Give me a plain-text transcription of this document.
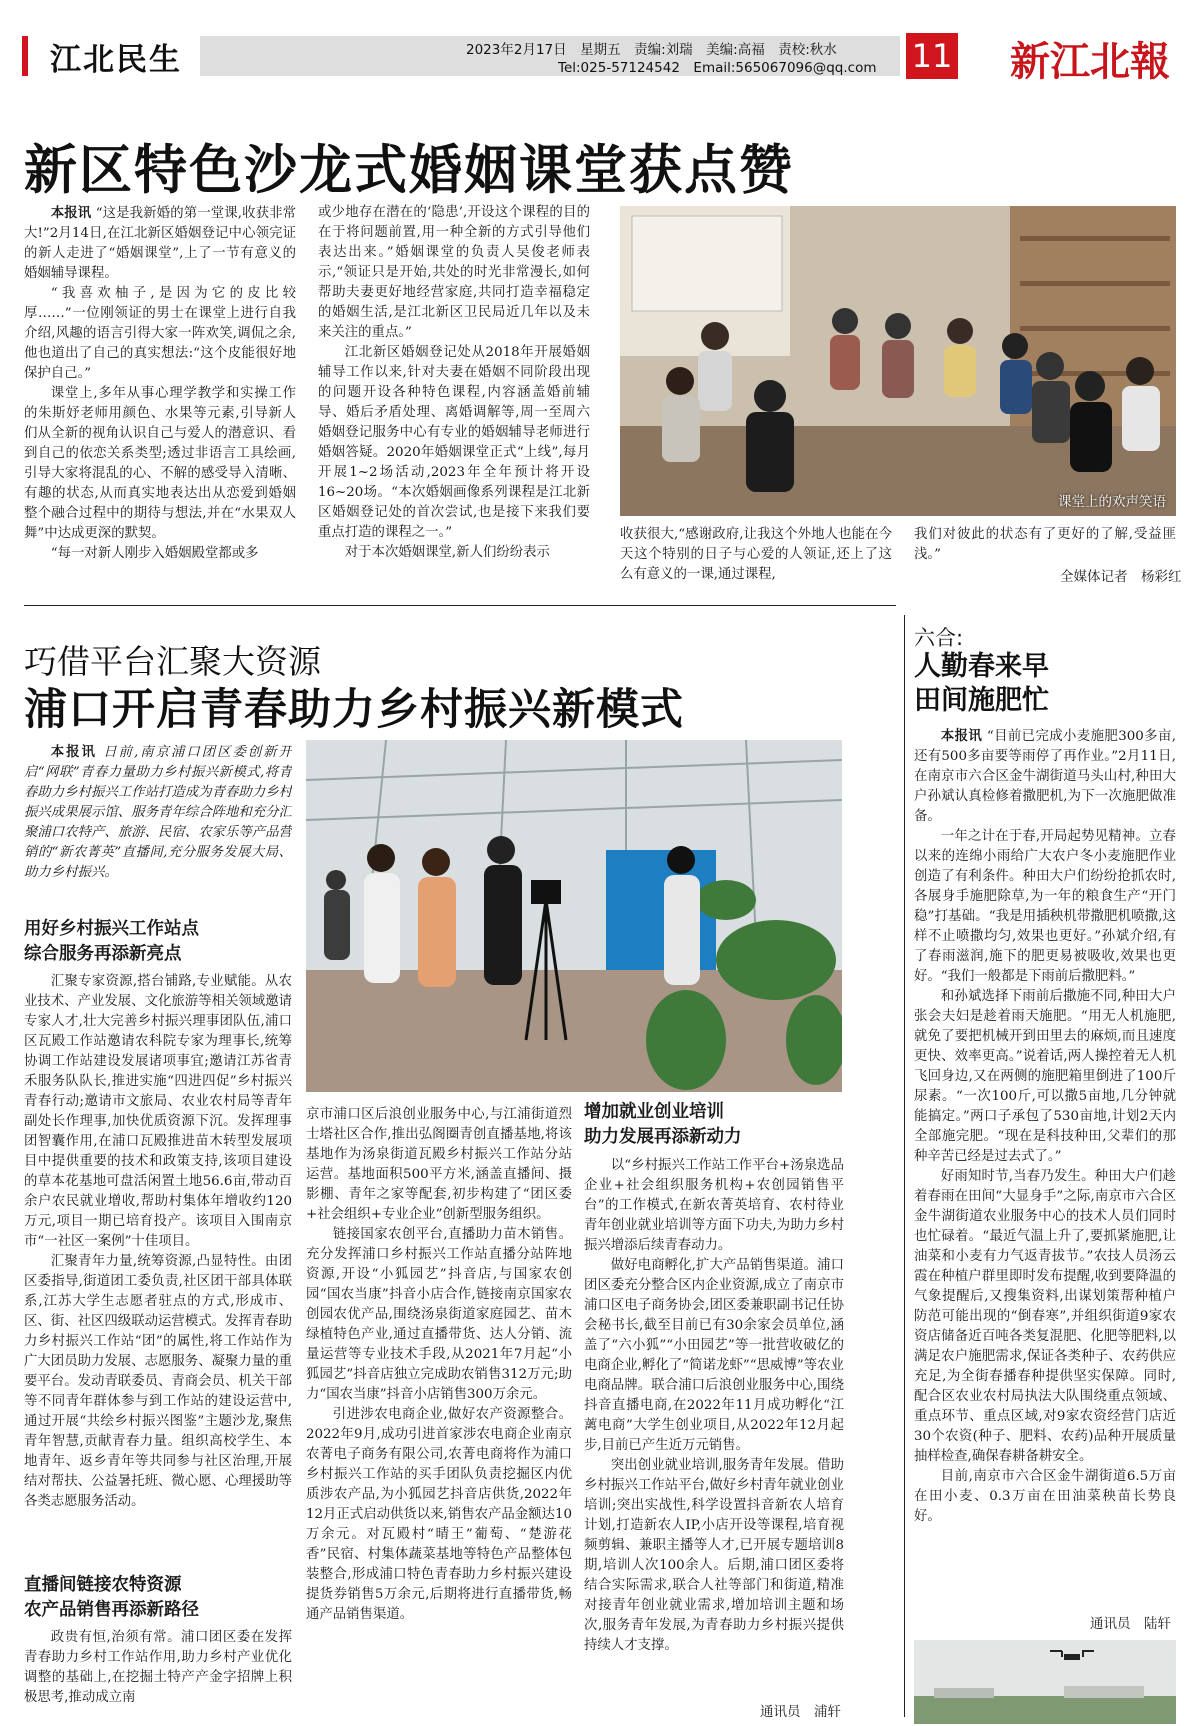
江北民生	2023年2月17日　星期五　责编:刘瑞　美编:高福　责校:秋水
Tel:025-57124542　Email:565067096@qq.com 11 新江北報
新区特色沙龙式婚姻课堂获点赞

本报讯 “这是我新婚的第一堂课,收获非常大!”2月14日,在江北新区婚姻登记中心领完证的新人走进了“婚姻课堂”,上了一节有意义的婚姻辅导课程。

“我喜欢柚子,是因为它的皮比较厚……”一位刚领证的男士在课堂上进行自我介绍,风趣的语言引得大家一阵欢笑,调侃之余,他也道出了自己的真实想法:“这个皮能很好地保护自己。”

课堂上,多年从事心理学教学和实操工作的朱斯妤老师用颜色、水果等元素,引导新人们从全新的视角认识自己与爱人的潜意识、看到自己的依恋关系类型;透过非语言工具绘画,引导大家将混乱的心、不解的感受导入清晰、有趣的状态,从而真实地表达出从恋爱到婚姻整个融合过程中的期待与想法,并在“水果双人舞”中达成更深的默契。

“每一对新人刚步入婚姻殿堂都或多

或少地存在潜在的‘隐患’,开设这个课程的目的在于将问题前置,用一种全新的方式引导他们表达出来。”婚姻课堂的负责人吴俊老师表示,“领证只是开始,共处的时光非常漫长,如何帮助夫妻更好地经营家庭,共同打造幸福稳定的婚姻生活,是江北新区卫民局近几年以及未来关注的重点。”

江北新区婚姻登记处从2018年开展婚姻辅导工作以来,针对夫妻在婚姻不同阶段出现的问题开设各种特色课程,内容涵盖婚前辅导、婚后矛盾处理、离婚调解等,周一至周六婚姻登记服务中心有专业的婚姻辅导老师进行婚姻答疑。2020年婚姻课堂正式“上线”,每月开展1~2场活动,2023年全年预计将开设16~20场。“本次婚姻画像系列课程是江北新区婚姻登记处的首次尝试,也是接下来我们要重点打造的课程之一。”

对于本次婚姻课堂,新人们纷纷表示

课堂上的欢声笑语

收获很大,“感谢政府,让我这个外地人也能在今天这个特别的日子与心爱的人领证,还上了这么有意义的一课,通过课程,

我们对彼此的状态有了更好的了解,受益匪浅。”

全媒体记者　杨彩红
巧借平台汇聚大资源
浦口开启青春助力乡村振兴新模式

本报讯 日前,南京浦口团区委创新开启“网联”青春力量助力乡村振兴新模式,将青春助力乡村振兴工作站打造成为青春助力乡村振兴成果展示馆、服务青年综合阵地和充分汇聚浦口农特产、旅游、民宿、农家乐等产品营销的“新农菁英”直播间,充分服务发展大局、助力乡村振兴。

用好乡村振兴工作站点
综合服务再添新亮点

汇聚专家资源,搭台铺路,专业赋能。从农业技术、产业发展、文化旅游等相关领域邀请专家人才,壮大完善乡村振兴理事团队伍,浦口区瓦殿工作站邀请农科院专家为理事长,统筹协调工作站建设发展诸项事宜;邀请江苏省青禾服务队队长,推进实施“四进四促”乡村振兴青春行动;邀请市文旅局、农业农村局等青年副处长作理事,加快优质资源下沉。发挥理事团智囊作用,在浦口瓦殿推进苗木转型发展项目中提供重要的技术和政策支持,该项目建设的草本花基地可盘活闲置土地56.6亩,带动百余户农民就业增收,帮助村集体年增收约120万元,项目一期已培育投产。该项目入围南京市“一社区一案例”十佳项目。

汇聚青年力量,统筹资源,凸显特性。由团区委指导,街道团工委负责,社区团干部具体联系,江苏大学生志愿者驻点的方式,形成市、区、街、社区四级联动运营模式。发挥青春助力乡村振兴工作站“团”的属性,将工作站作为广大团员助力发展、志愿服务、凝聚力量的重要平台。发动青联委员、青商会员、机关干部等不同青年群体参与到工作站的建设运营中,通过开展“共绘乡村振兴图鉴”主题沙龙,聚焦青年智慧,贡献青春力量。组织高校学生、本地青年、返乡青年等共同参与社区治理,开展结对帮扶、公益暑托班、微心愿、心理援助等各类志愿服务活动。

直播间链接农特资源
农产品销售再添新路径

政贵有恒,治须有常。浦口团区委在发挥青春助力乡村工作站作用,助力乡村产业优化调整的基础上,在挖掘土特产产金字招牌上积极思考,推动成立南

京市浦口区后浪创业服务中心,与江浦街道烈士塔社区合作,推出弘阁圈青创直播基地,将该基地作为汤泉街道瓦殿乡村振兴工作站分站运营。基地面积500平方米,涵盖直播间、摄影棚、青年之家等配套,初步构建了“团区委+社会组织+专业企业”创新型服务组织。

链接国家农创平台,直播助力苗木销售。充分发挥浦口乡村振兴工作站直播分站阵地资源,开设“小狐园艺”抖音店,与国家农创园“国农当康”抖音小店合作,链接南京国家农创园农优产品,围绕汤泉街道家庭园艺、苗木绿植特色产业,通过直播带货、达人分销、流量运营等专业技术手段,从2021年7月起“小狐园艺”抖音店独立完成助农销售312万元;助力“国农当康”抖音小店销售300万余元。

引进涉农电商企业,做好农产资源整合。2022年9月,成功引进首家涉农电商企业南京农菁电子商务有限公司,农菁电商将作为浦口乡村振兴工作站的买手团队负责挖掘区内优质涉农产品,为小狐园艺抖音店供货,2022年12月正式启动供货以来,销售农产品金额达10万余元。对瓦殿村“晴王”葡萄、“楚游花香”民宿、村集体蔬菜基地等特色产品整体包装整合,形成浦口特色青春助力乡村振兴建设提货券销售5万余元,后期将进行直播带货,畅通产品销售渠道。

增加就业创业培训
助力发展再添新动力

以“乡村振兴工作站工作平台+汤泉选品企业+社会组织服务机构+农创园销售平台”的工作模式,在新农菁英培育、农村待业青年创业就业培训等方面下功夫,为助力乡村振兴增添后续青春动力。

做好电商孵化,扩大产品销售渠道。浦口团区委充分整合区内企业资源,成立了南京市浦口区电子商务协会,团区委兼职副书记任协会秘书长,截至目前已有30余家会员单位,涵盖了“六小狐”“小田园艺”等一批营收破亿的电商企业,孵化了“简诺龙虾”“思威博”等农业电商品牌。联合浦口后浪创业服务中心,围绕抖音直播电商,在2022年11月成功孵化“江蓠电商”大学生创业项目,从2022年12月起步,目前已产生近万元销售。

突出创业就业培训,服务青年发展。借助乡村振兴工作站平台,做好乡村青年就业创业培训;突出实战性,科学设置抖音新农人培育计划,打造新农人IP,小店开设等课程,培育视频剪辑、兼职主播等人才,已开展专题培训8期,培训人次100余人。后期,浦口团区委将结合实际需求,联合人社等部门和街道,精准对接青年创业就业需求,增加培训主题和场次,服务青年发展,为青春助力乡村振兴提供持续人才支撑。

通讯员　浦轩
六合:
人勤春来早
田间施肥忙

本报讯 “目前已完成小麦施肥300多亩,还有500多亩要等雨停了再作业。”2月11日,在南京市六合区金牛湖街道马头山村,种田大户孙斌认真检修着撒肥机,为下一次施肥做准备。

一年之计在于春,开局起势见精神。立春以来的连绵小雨给广大农户冬小麦施肥作业创造了有利条件。种田大户们纷纷抢抓农时,各展身手施肥除草,为一年的粮食生产“开门稳”打基础。“我是用插秧机带撒肥机喷撒,这样不止喷撒均匀,效果也更好。”孙斌介绍,有了春雨滋润,施下的肥更易被吸收,效果也更好。“我们一般都是下雨前后撒肥料。”

和孙斌选择下雨前后撒施不同,种田大户张会夫妇是趁着雨天施肥。“用无人机施肥,就免了要把机械开到田里去的麻烦,而且速度更快、效率更高。”说着话,两人操控着无人机飞回身边,又在两侧的施肥箱里倒进了100斤尿素。“一次100斤,可以撒5亩地,几分钟就能搞定。”两口子承包了530亩地,计划2天内全部施完肥。“现在是科技种田,父辈们的那种辛苦已经是过去式了。”

好雨知时节,当春乃发生。种田大户们趁着春雨在田间“大显身手”之际,南京市六合区金牛湖街道农业服务中心的技术人员们同时也忙碌着。“最近气温上升了,要抓紧施肥,让油菜和小麦有力气返青拔节。”农技人员汤云霞在种植户群里即时发布提醒,收到要降温的气象提醒后,又搜集资料,出谋划策帮种植户防范可能出现的“倒春寒”,并组织街道9家农资店储备近百吨各类复混肥、化肥等肥料,以满足农户施肥需求,保证各类种子、农药供应充足,为全街春播春种提供坚实保障。同时,配合区农业农村局执法大队围绕重点领域、重点环节、重点区域,对9家农资经营门店近30个农资(种子、肥料、农药)品种开展质量抽样检查,确保春耕备耕安全。

目前,南京市六合区金牛湖街道6.5万亩在田小麦、0.3万亩在田油菜秧苗长势良好。

通讯员　陆轩
